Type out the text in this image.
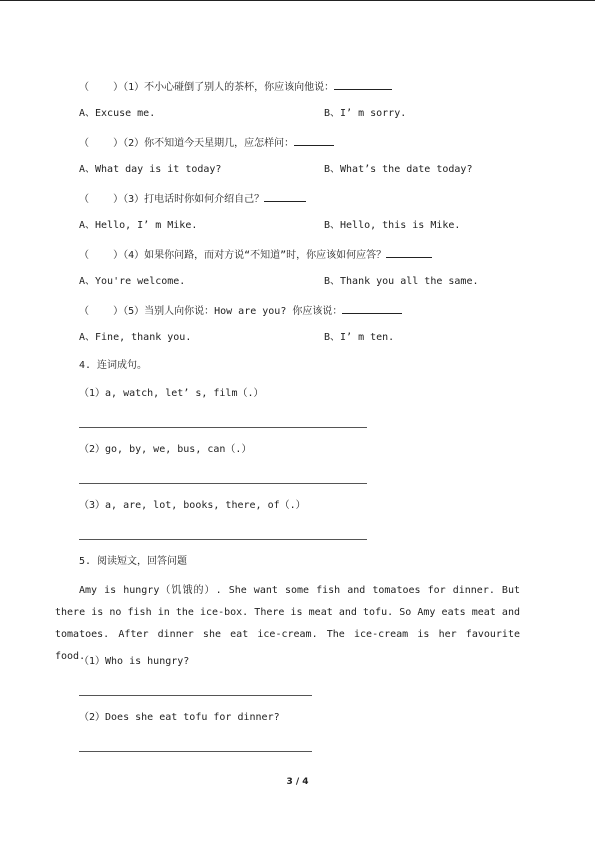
（    ）（1）不小心碰倒了别人的茶杯，你应该向他说：
A、Excuse me.	B、I’ m sorry.
（    ）（2）你不知道今天星期几，应怎样问：
A、What day is it today?	B、What’s the date today?
（    ）（3）打电话时你如何介绍自己？
A、Hello, I’ m Mike.	B、Hello, this is Mike.
（    ）（4）如果你问路，而对方说“不知道”时，你应该如何应答？
A、You're welcome.	B、Thank you all the same.
（    ）（5）当别人向你说：How are you? 你应该说：
A、Fine, thank you.	B、I’ m ten.
4. 连词成句。
（1）a, watch, let’ s, film（.）
（2）go, by, we, bus, can（.）
（3）a, are, lot, books, there, of（.）
5. 阅读短文，回答问题
Amy is hungry（饥饿的）. She want some fish and tomatoes for dinner. But there is no fish in the ice-box. There is meat and tofu. So Amy eats meat and tomatoes. After dinner she eat ice-cream. The ice-cream is her favourite food.
（1）Who is hungry?
（2）Does she eat tofu for dinner?
3 / 4
